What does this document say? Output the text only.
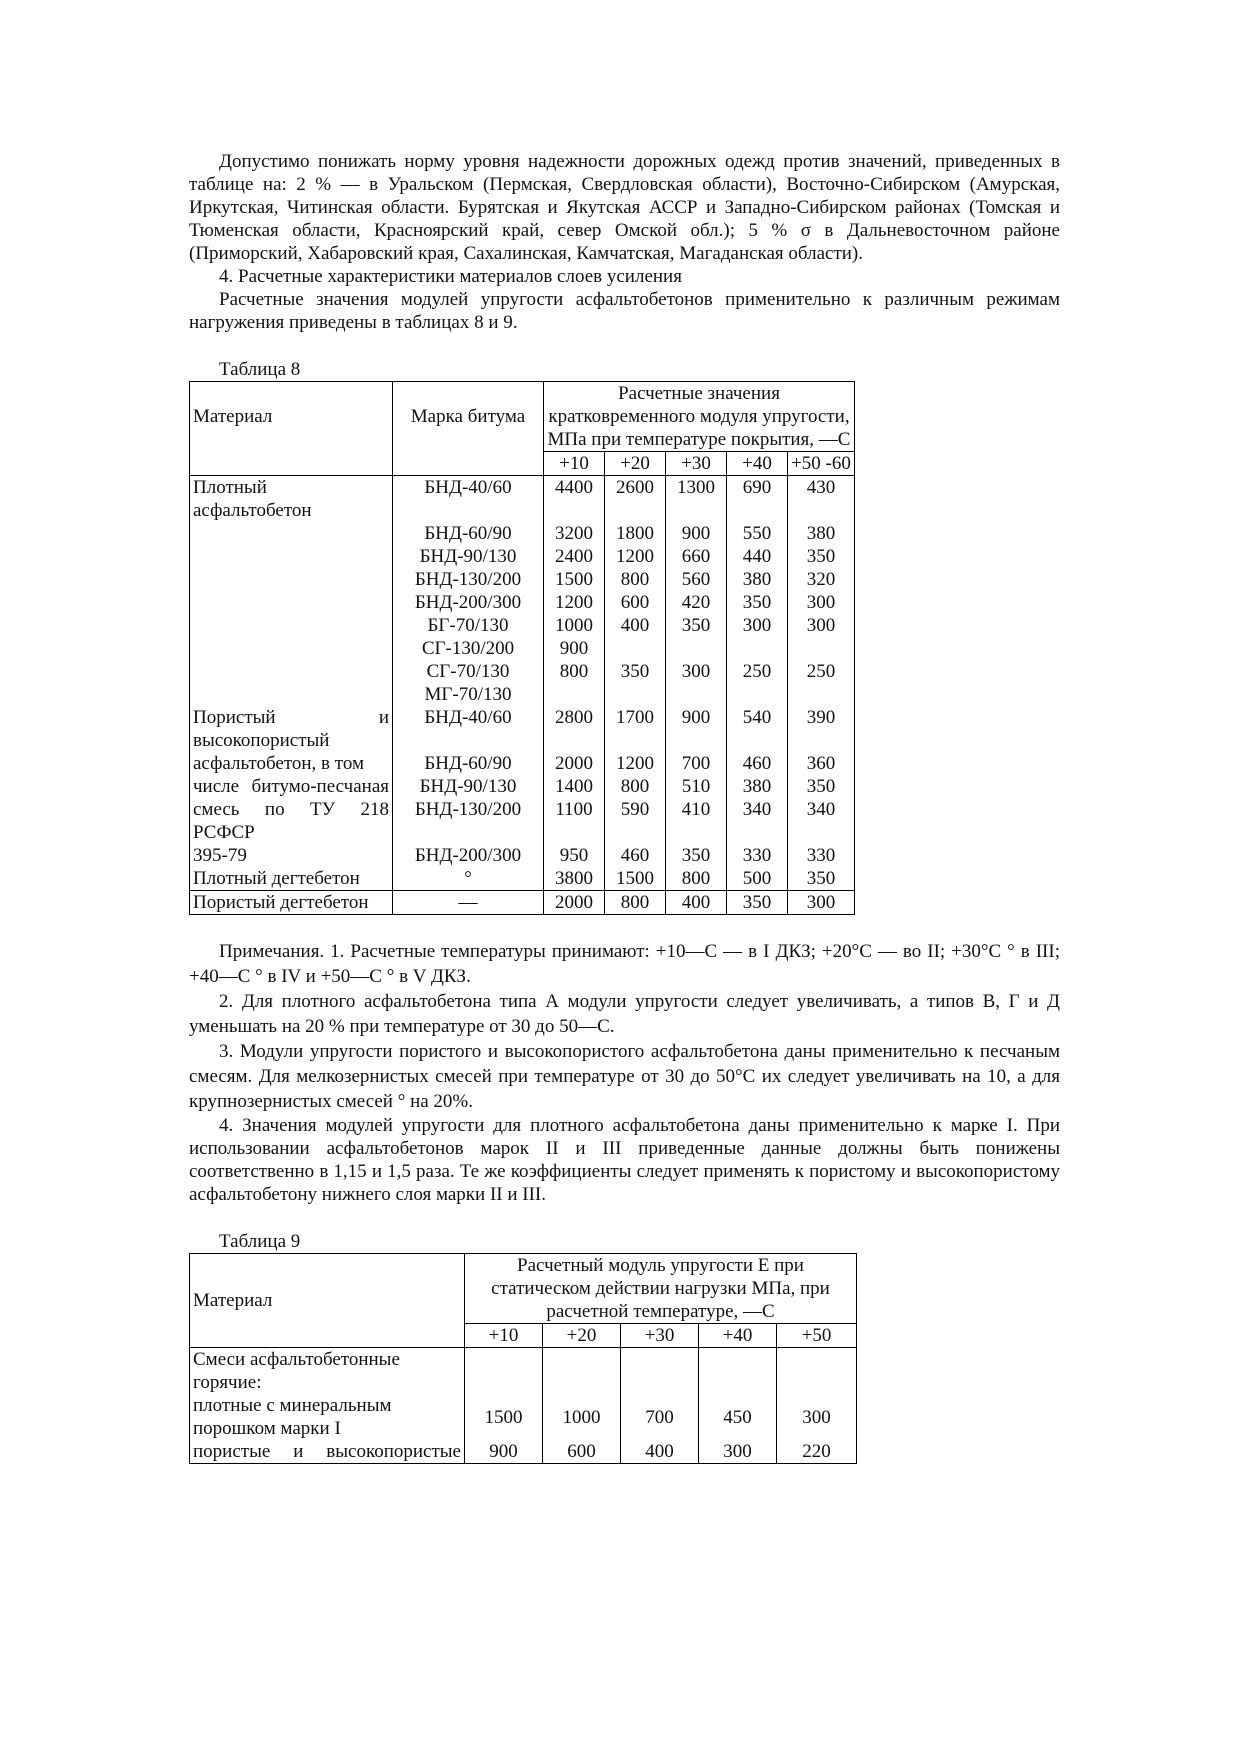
Допустимо понижать норму уровня надежности дорожных одежд против значений, приведенных в таблице на: 2 % — в Уральском (Пермская, Свердловская области), Восточно-Сибирском (Амурская, Иркутская, Читинская области. Бурятская и Якутская АССР и Западно-Сибирском районах (Томская и Тюменская области, Красноярский край, север Омской обл.); 5 % σ в Дальневосточном районе (Приморский, Хабаровский края, Сахалинская, Камчатская, Магаданская области).

4. Расчетные характеристики материалов слоев усиления

Расчетные значения модулей упругости асфальтобетонов применительно к различным режимам нагружения приведены в таблицах 8 и 9.

Таблица 8

Материал	Марка битума	Расчетные значения кратковременного модуля упругости, МПа при температуре покрытия, —С				
		+10	+20	+30	+40	+50 -60
Плотный асфальтобетон	БНД-40/60	4400	2600	1300	690	430
	БНД-60/90	3200	1800	900	550	380
	БНД-90/130	2400	1200	660	440	350
	БНД-130/200	1500	800	560	380	320
	БНД-200/300	1200	600	420	350	300
	БГ-70/130	1000	400	350	300	300
	СГ-130/200	900				
	СГ-70/130	800	350	300	250	250
	МГ-70/130					
Пористый и высокопористый	БНД-40/60	2800	1700	900	540	390
асфальтобетон, в том	БНД-60/90	2000	1200	700	460	360
числе битумо-песчаная	БНД-90/130	1400	800	510	380	350
смесь по ТУ 218 РСФСР	БНД-130/200	1100	590	410	340	340
395-79	БНД-200/300	950	460	350	330	330
Плотный дегтебетон	°	3800	1500	800	500	350
Пористый дегтебетон	—	2000	800	400	350	300

Примечания. 1. Расчетные температуры принимают: +10—С — в I ДКЗ; +20°С — во II; +30°С ° в III; +40—С ° в IV и +50—С ° в V ДКЗ.

2. Для плотного асфальтобетона типа А модули упругости следует увеличивать, а типов В, Г и Д уменьшать на 20 % при температуре от 30 до 50—С.

3. Модули упругости пористого и высокопористого асфальтобетона даны применительно к песчаным смесям. Для мелкозернистых смесей при температуре от 30 до 50°С их следует увеличивать на 10, а для крупнозернистых смесей ° на 20%.

4. Значения модулей упругости для плотного асфальтобетона даны применительно к марке I. При использовании асфальтобетонов марок II и III приведенные данные должны быть понижены соответственно в 1,15 и 1,5 раза. Те же коэффициенты следует применять к пористому и высокопористому асфальтобетону нижнего слоя марки II и III.

Таблица 9

Материал	Расчетный модуль упругости Е при статическом действии нагрузки МПа, при расчетной температуре, —С				
	+10	+20	+30	+40	+50
Смеси асфальтобетонные горячие:					
плотные с минеральным порошком марки I	1500	1000	700	450	300
пористые и высокопористые	900	600	400	300	220
